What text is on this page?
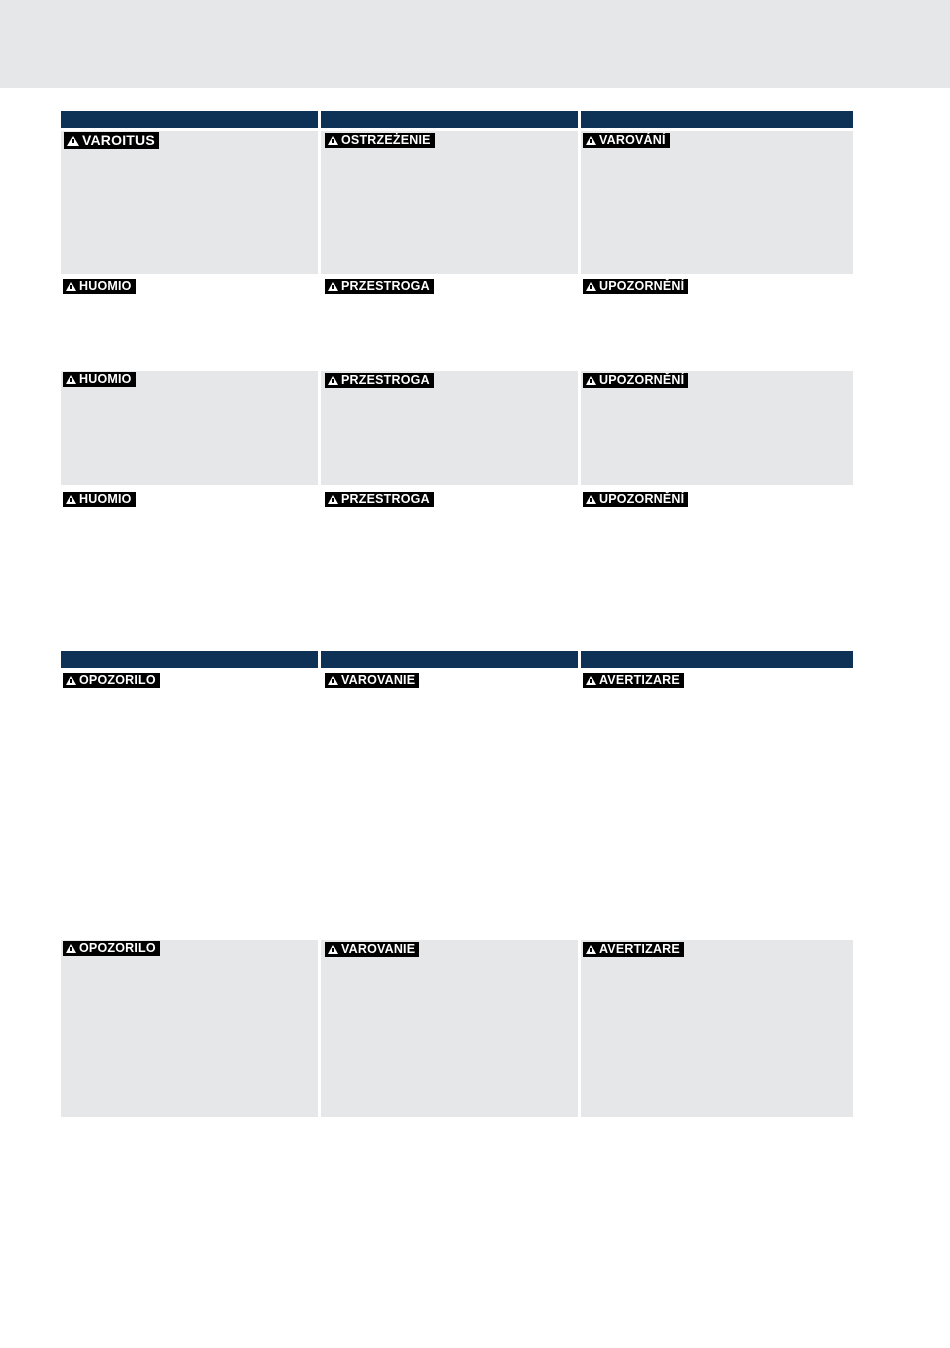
VAROITUS	OSTRZEŻENIE	VAROVÁNÍ
HUOMIO	PRZESTROGA	UPOZORNĚNÍ
HUOMIO	PRZESTROGA	UPOZORNĚNÍ
HUOMIO	PRZESTROGA	UPOZORNĚNÍ
OPOZORILO	VAROVANIE	AVERTIZARE
OPOZORILO	VAROVANIE	AVERTIZARE
